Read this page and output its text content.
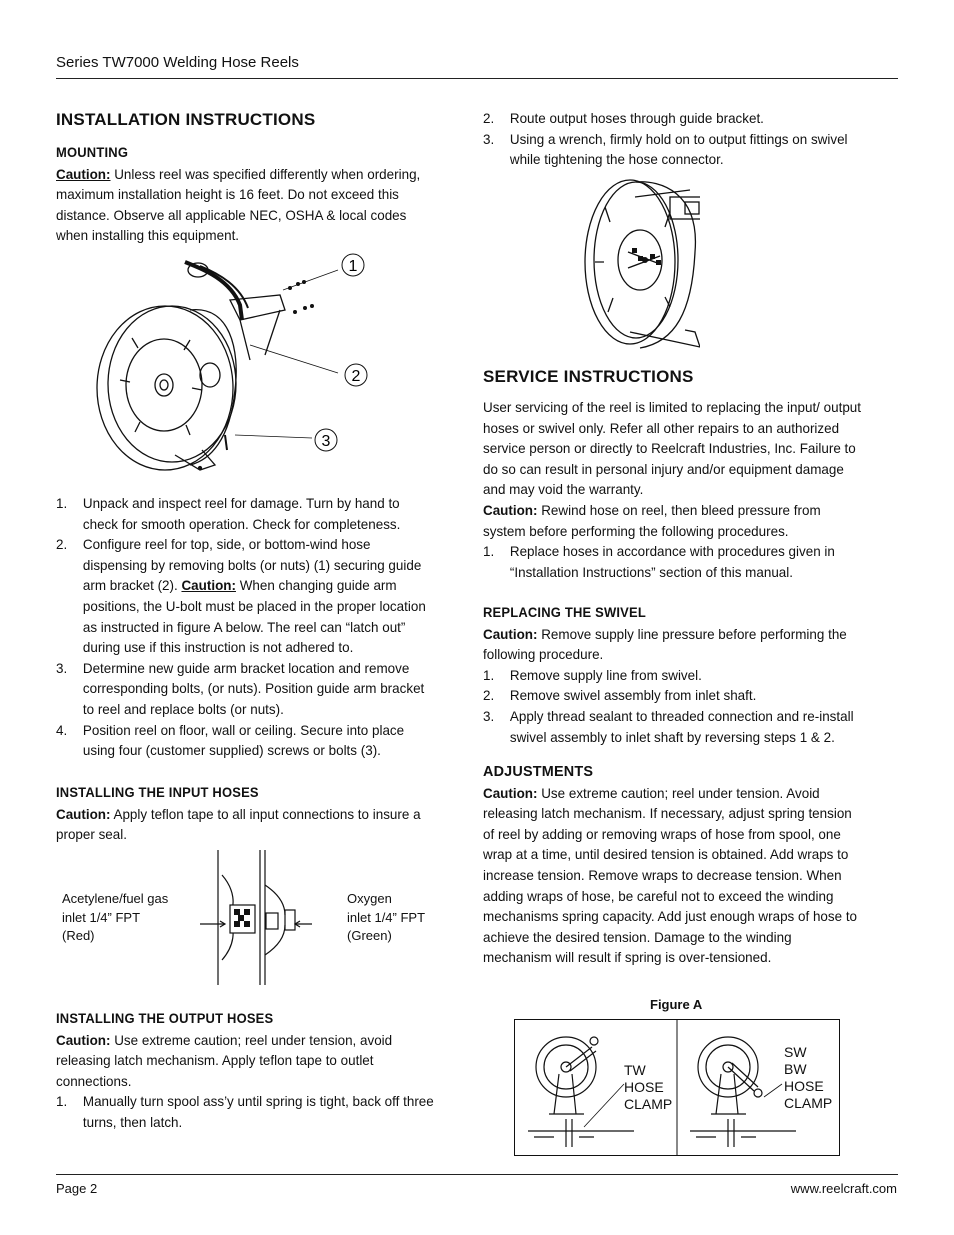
Series TW7000 Welding Hose Reels
INSTALLATION INSTRUCTIONS
MOUNTING

Caution: Unless reel was specified differently when ordering, maximum installation height is 16 feet. Do not exceed this distance. Observe all applicable NEC, OSHA & local codes when installing this equipment.

1
2
3
1. Unpack and inspect reel for damage. Turn by hand to check for smooth operation. Check for completeness.
2. Configure reel for top, side, or bottom-wind hose dispensing by removing bolts (or nuts) (1) securing guide arm bracket (2). Caution: When changing guide arm positions, the U-bolt must be placed in the proper location as instructed in figure A below. The reel can “latch out” during use if this instruction is not adhered to.
3. Determine new guide arm bracket location and remove corresponding bolts, (or nuts). Position guide arm bracket to reel and replace bolts (or nuts).
4. Position reel on floor, wall or ceiling. Secure into place using four (customer supplied) screws or bolts (3).
INSTALLING THE INPUT HOSES

Caution: Apply teflon tape to all input connections to insure a proper seal.

Acetylene/fuel gas
inlet 1/4” FPT
(Red)
Oxygen
inlet 1/4” FPT
(Green)
INSTALLING THE OUTPUT HOSES

Caution: Use extreme caution; reel under tension, avoid releasing latch mechanism. Apply teflon tape to outlet connections.

1. Manually turn spool ass’y until spring is tight, back off three turns, then latch.
2. Route output hoses through guide bracket.
3. Using a wrench, firmly hold on to output fittings on swivel while tightening the hose connector.
SERVICE INSTRUCTIONS

User servicing of the reel is limited to replacing the input/ output hoses or swivel only. Refer all other repairs to an authorized service person or directly to Reelcraft Industries, Inc. Failure to do so can result in personal injury and/or equipment damage and may void the warranty.

Caution: Rewind hose on reel, then bleed pressure from system before performing the following procedures.

1. Replace hoses in accordance with procedures given in “Installation Instructions” section of this manual.
REPLACING THE SWIVEL

Caution: Remove supply line pressure before performing the following procedure.

1. Remove supply line from swivel.
2. Remove swivel assembly from inlet shaft.
3. Apply thread sealant to threaded connection and re-install swivel assembly to inlet shaft by reversing steps 1 & 2.
ADJUSTMENTS

Caution: Use extreme caution; reel under tension. Avoid releasing latch mechanism. If necessary, adjust spring tension of reel by adding or removing wraps of hose from spool, one wrap at a time, until desired tension is obtained. Add wraps to increase tension. Remove wraps to decrease tension. When adding wraps of hose, be careful not to exceed the winding mechanisms spring capacity. Add just enough wraps of hose to achieve the desired tension. Damage to the winding mechanism will result if spring is over-tensioned.

Figure A
TW
HOSE
CLAMP
SW
BW
HOSE
CLAMP
Page 2	www.reelcraft.com
